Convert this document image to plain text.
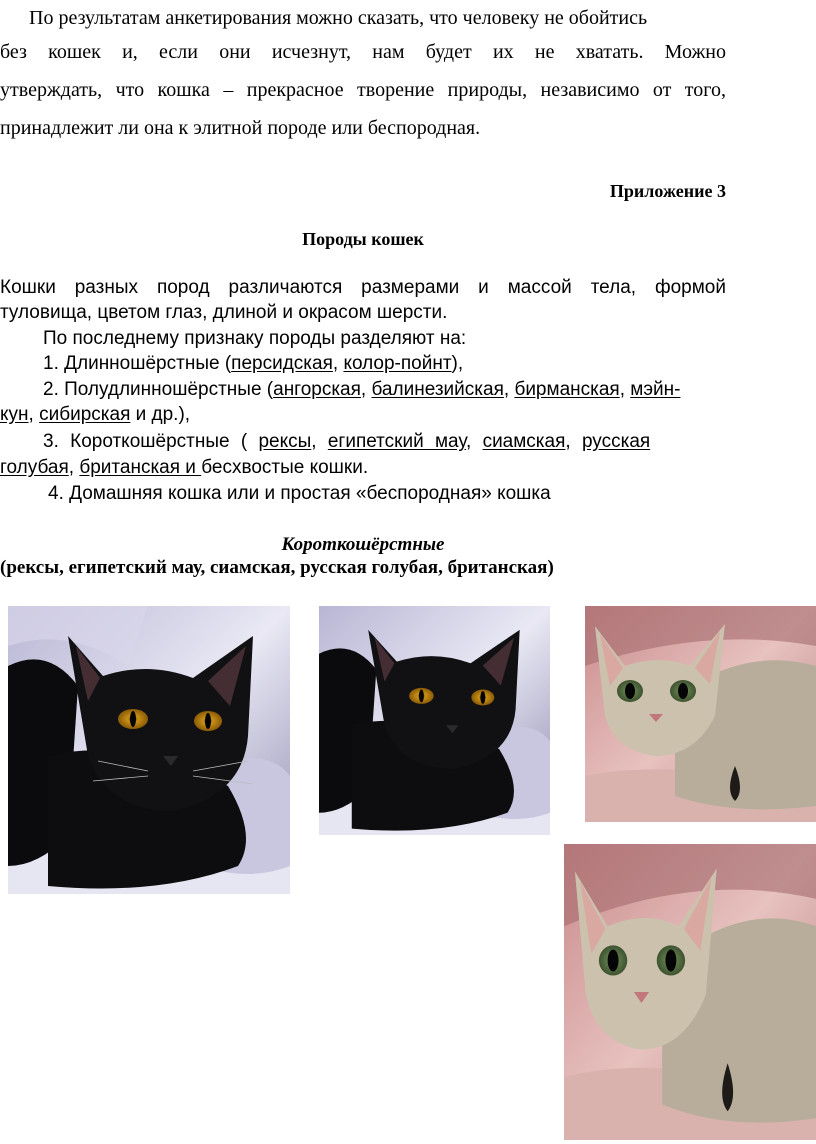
По результатам анкетирования можно сказать, что человеку не обойтись
без кошек и, если они исчезнут, нам будет их не хватать. Можно
утверждать, что кошка – прекрасное творение природы, независимо от того,
принадлежит ли она к элитной породе или беспородная.
Приложение 3
Породы кошек
Кошки разных пород различаются размерами и массой тела, формой
туловища, цветом глаз, длиной и окрасом шерсти.
По последнему признаку породы разделяют на:
1. Длинношёрстные (персидская, колор-пойнт),
2. Полудлинношёрстные (ангорская, балинезийская, бирманская, мэйн-
кун, сибирская и др.),
3. Короткошёрстные ( рексы, египетский мау, сиамская, русская
голубая, британская и бесхвостые кошки.
4. Домашняя кошка или и простая «беспородная» кошка
Короткошёрстные
(рексы, египетский мау, сиамская, русская голубая, британская)
